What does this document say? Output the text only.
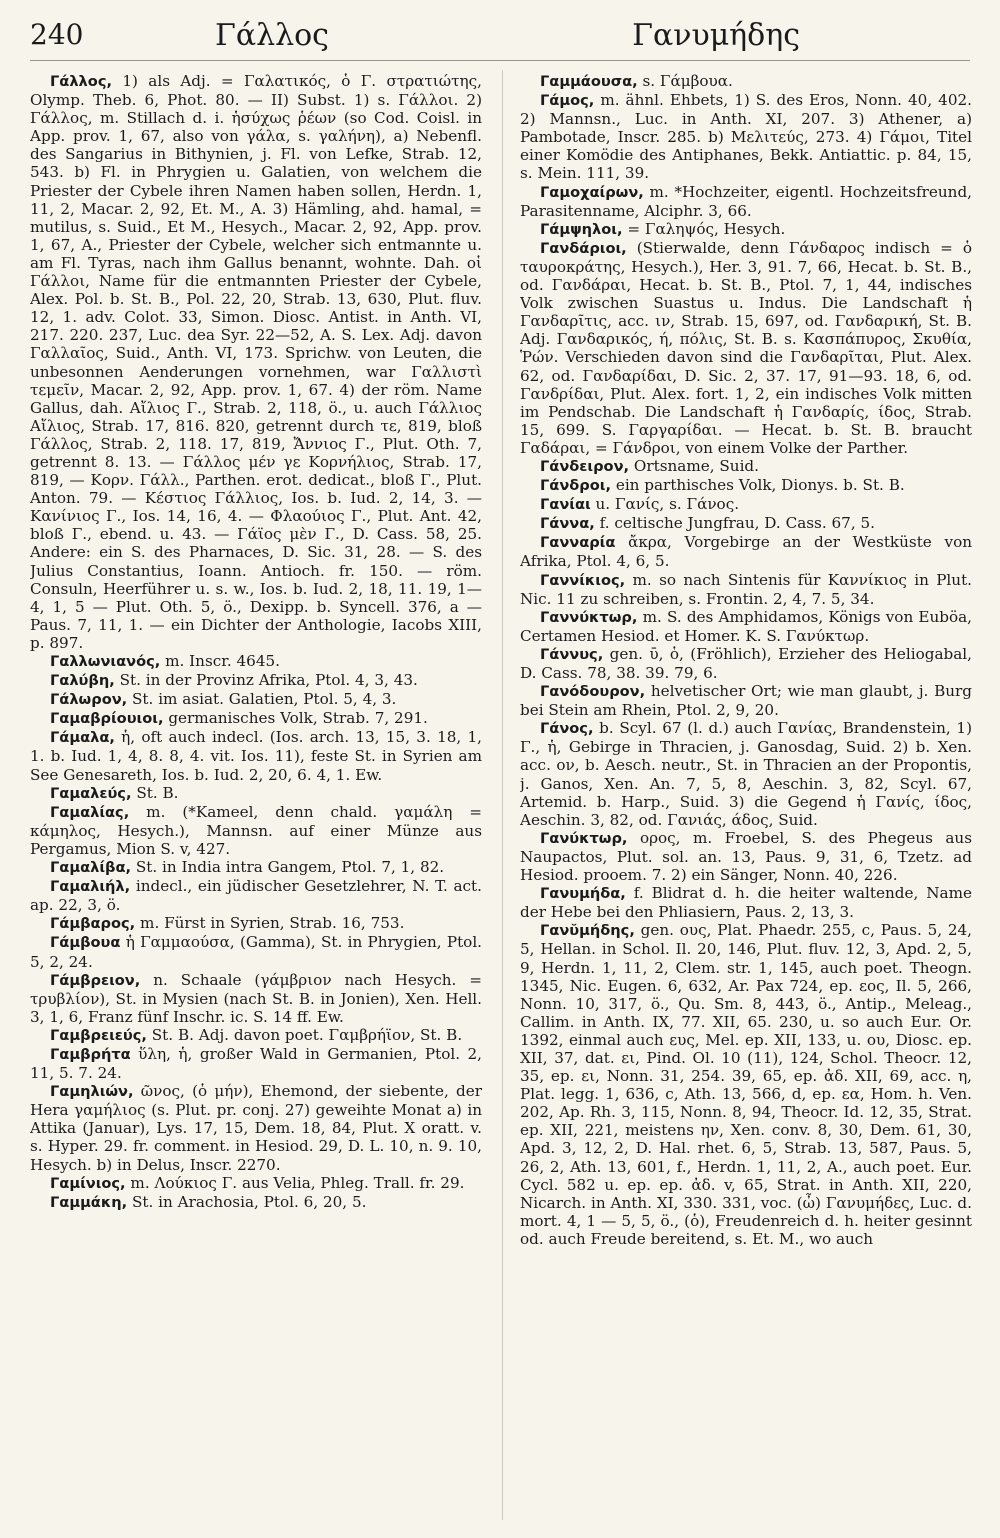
240	Γάλλος	Γανυμήδης

Γάλλος, 1) als Adj. = Γαλατικός, ὁ Γ. στρατιώτης, Olymp. Theb. 6, Phot. 80. — II) Subst. 1) s. Γάλλοι. 2) Γάλλος, m. Stillach d. i. ἡσύχως ῥέων (so Cod. Coisl. in App. prov. 1, 67, also von γάλα, s. γαλήνη), a) Nebenfl. des Sangarius in Bithynien, j. Fl. von Lefke, Strab. 12, 543. b) Fl. in Phrygien u. Galatien, von welchem die Priester der Cybele ihren Namen haben sollen, Herdn. 1, 11, 2, Macar. 2, 92, Et. M., A. 3) Hämling, ahd. hamal, = mutilus, s. Suid., Et M., Hesych., Macar. 2, 92, App. prov. 1, 67, A., Priester der Cybele, welcher sich entmannte u. am Fl. Tyras, nach ihm Gallus benannt, wohnte. Dah. οἱ Γάλλοι, Name für die entmannten Priester der Cybele, Alex. Pol. b. St. B., Pol. 22, 20, Strab. 13, 630, Plut. fluv. 12, 1. adv. Colot. 33, Simon. Diosc. Antist. in Anth. VI, 217. 220. 237, Luc. dea Syr. 22—52, A. S. Lex. Adj. davon Γαλλαῖος, Suid., Anth. VI, 173. Sprichw. von Leuten, die unbesonnen Aenderungen vornehmen, war Γαλλιστὶ τεμεῖν, Macar. 2, 92, App. prov. 1, 67. 4) der röm. Name Gallus, dah. Αἴλιος Γ., Strab. 2, 118, ö., u. auch Γάλλιος Αἴλιος, Strab. 17, 816. 820, getrennt durch τε, 819, bloß Γάλλος, Strab. 2, 118. 17, 819, Ἄννιος Γ., Plut. Oth. 7, getrennt 8. 13. — Γάλλος μέν γε Κορνήλιος, Strab. 17, 819, — Κορν. Γάλλ., Parthen. erot. dedicat., bloß Γ., Plut. Anton. 79. — Κέστιος Γάλλιος, Ios. b. Iud. 2, 14, 3. — Κανίνιος Γ., Ios. 14, 16, 4. — Φλαούιος Γ., Plut. Ant. 42, bloß Γ., ebend. u. 43. — Γάϊος μὲν Γ., D. Cass. 58, 25. Andere: ein S. des Pharnaces, D. Sic. 31, 28. — S. des Julius Constantius, Ioann. Antioch. fr. 150. — röm. Consuln, Heerführer u. s. w., Ios. b. Iud. 2, 18, 11. 19, 1—4, 1, 5 — Plut. Oth. 5, ö., Dexipp. b. Syncell. 376, a — Paus. 7, 11, 1. — ein Dichter der Anthologie, Iacobs XIII, p. 897.

Γαλλωνιανός, m. Inscr. 4645.

Γαλύβη, St. in der Provinz Afrika, Ptol. 4, 3, 43.

Γάλωρον, St. im asiat. Galatien, Ptol. 5, 4, 3.

Γαμαβρίουιοι, germanisches Volk, Strab. 7, 291.

Γάμαλα, ἡ, oft auch indecl. (Ios. arch. 13, 15, 3. 18, 1, 1. b. Iud. 1, 4, 8. 8, 4. vit. Ios. 11), feste St. in Syrien am See Genesareth, Ios. b. Iud. 2, 20, 6. 4, 1. Ew.

Γαμαλεύς, St. B.

Γαμαλίας, m. (*Kameel, denn chald. γαμάλη = κάμηλος, Hesych.), Mannsn. auf einer Münze aus Pergamus, Mion S. v, 427.

Γαμαλίβα, St. in India intra Gangem, Ptol. 7, 1, 82.

Γαμαλιήλ, indecl., ein jüdischer Gesetzlehrer, N. T. act. ap. 22, 3, ö.

Γάμβαρος, m. Fürst in Syrien, Strab. 16, 753.

Γάμβουα ἡ Γαμμαούσα, (Gamma), St. in Phrygien, Ptol. 5, 2, 24.

Γάμβρειον, n. Schaale (γάμβριον nach Hesych. = τρυβλίον), St. in Mysien (nach St. B. in Jonien), Xen. Hell. 3, 1, 6, Franz fünf Inschr. ic. S. 14 ff. Ew.

Γαμβρειεύς, St. B. Adj. davon poet. Γαμβρήϊον, St. B.

Γαμβρήτα ὕλη, ἡ, großer Wald in Germanien, Ptol. 2, 11, 5. 7. 24.

Γαμηλιών, ῶνος, (ὁ μήν), Ehemond, der siebente, der Hera γαμήλιος (s. Plut. pr. conj. 27) geweihte Monat a) in Attika (Januar), Lys. 17, 15, Dem. 18, 84, Plut. X oratt. v. s. Hyper. 29. fr. comment. in Hesiod. 29, D. L. 10, n. 9. 10, Hesych. b) in Delus, Inscr. 2270.

Γαμίνιος, m. Λούκιος Γ. aus Velia, Phleg. Trall. fr. 29.

Γαμμάκη, St. in Arachosia, Ptol. 6, 20, 5.

Γαμμάουσα, s. Γάμβουα.

Γάμος, m. ähnl. Ehbets, 1) S. des Eros, Nonn. 40, 402. 2) Mannsn., Luc. in Anth. XI, 207. 3) Athener, a) Pambotade, Inscr. 285. b) Μελιτεύς, 273. 4) Γάμοι, Titel einer Komödie des Antiphanes, Bekk. Antiattic. p. 84, 15, s. Mein. 111, 39.

Γαμοχαίρων, m. *Hochzeiter, eigentl. Hochzeitsfreund, Parasitenname, Alciphr. 3, 66.

Γάμψηλοι, = Γαληψός, Hesych.

Γανδάριοι, (Stierwalde, denn Γάνδαρος indisch = ὁ ταυροκράτης, Hesych.), Her. 3, 91. 7, 66, Hecat. b. St. B., od. Γανδάραι, Hecat. b. St. B., Ptol. 7, 1, 44, indisches Volk zwischen Suastus u. Indus. Die Landschaft ἡ Γανδαρῖτις, acc. ιν, Strab. 15, 697, od. Γανδαρική, St. B. Adj. Γανδαρικός, ή, πόλις, St. B. s. Κασπάπυρος, Σκυθία, Ῥών. Verschieden davon sind die Γανδαρῖται, Plut. Alex. 62, od. Γανδαρίδαι, D. Sic. 2, 37. 17, 91—93. 18, 6, od. Γανδρίδαι, Plut. Alex. fort. 1, 2, ein indisches Volk mitten im Pendschab. Die Landschaft ἡ Γανδαρίς, ίδος, Strab. 15, 699. S. Γαργαρίδαι. — Hecat. b. St. B. braucht Γαδάραι, = Γάνδροι, von einem Volke der Parther.

Γάνδειρον, Ortsname, Suid.

Γάνδροι, ein parthisches Volk, Dionys. b. St. B.

Γανίαι u. Γανίς, s. Γάνος.

Γάννα, f. celtische Jungfrau, D. Cass. 67, 5.

Γανναρία ἄκρα, Vorgebirge an der Westküste von Afrika, Ptol. 4, 6, 5.

Γαννίκιος, m. so nach Sintenis für Καννίκιος in Plut. Nic. 11 zu schreiben, s. Frontin. 2, 4, 7. 5, 34.

Γαννύκτωρ, m. S. des Amphidamos, Königs von Euböa, Certamen Hesiod. et Homer. K. S. Γανύκτωρ.

Γάννυς, gen. ῡ, ὁ, (Fröhlich), Erzieher des Heliogabal, D. Cass. 78, 38. 39. 79, 6.

Γανόδουρον, helvetischer Ort; wie man glaubt, j. Burg bei Stein am Rhein, Ptol. 2, 9, 20.

Γάνος, b. Scyl. 67 (l. d.) auch Γανίας, Brandenstein, 1) Γ., ἡ, Gebirge in Thracien, j. Ganosdag, Suid. 2) b. Xen. acc. ον, b. Aesch. neutr., St. in Thracien an der Propontis, j. Ganos, Xen. An. 7, 5, 8, Aeschin. 3, 82, Scyl. 67, Artemid. b. Harp., Suid. 3) die Gegend ἡ Γανίς, ίδος, Aeschin. 3, 82, od. Γανιάς, άδος, Suid.

Γανύκτωρ, ορος, m. Froebel, S. des Phegeus aus Naupactos, Plut. sol. an. 13, Paus. 9, 31, 6, Tzetz. ad Hesiod. prooem. 7. 2) ein Sänger, Nonn. 40, 226.

Γανυμήδα, f. Blidrat d. h. die heiter waltende, Name der Hebe bei den Phliasiern, Paus. 2, 13, 3.

Γανῠμήδης, gen. ους, Plat. Phaedr. 255, c, Paus. 5, 24, 5, Hellan. in Schol. Il. 20, 146, Plut. fluv. 12, 3, Apd. 2, 5, 9, Herdn. 1, 11, 2, Clem. str. 1, 145, auch poet. Theogn. 1345, Nic. Eugen. 6, 632, Ar. Pax 724, ep. εος, Il. 5, 266, Nonn. 10, 317, ö., Qu. Sm. 8, 443, ö., Antip., Meleag., Callim. in Anth. IX, 77. XII, 65. 230, u. so auch Eur. Or. 1392, einmal auch ευς, Mel. ep. XII, 133, u. ου, Diosc. ep. XII, 37, dat. ει, Pind. Ol. 10 (11), 124, Schol. Theocr. 12, 35, ep. ει, Nonn. 31, 254. 39, 65, ep. ἀδ. XII, 69, acc. η, Plat. legg. 1, 636, c, Ath. 13, 566, d, ep. εα, Hom. h. Ven. 202, Ap. Rh. 3, 115, Nonn. 8, 94, Theocr. Id. 12, 35, Strat. ep. XII, 221, meistens ην, Xen. conv. 8, 30, Dem. 61, 30, Apd. 3, 12, 2, D. Hal. rhet. 6, 5, Strab. 13, 587, Paus. 5, 26, 2, Ath. 13, 601, f., Herdn. 1, 11, 2, A., auch poet. Eur. Cycl. 582 u. ep. ep. ἀδ. v, 65, Strat. in Anth. XII, 220, Nicarch. in Anth. XI, 330. 331, voc. (ὦ) Γανυμήδες, Luc. d. mort. 4, 1 — 5, 5, ö., (ὁ), Freudenreich d. h. heiter gesinnt od. auch Freude bereitend, s. Et. M., wo auch
